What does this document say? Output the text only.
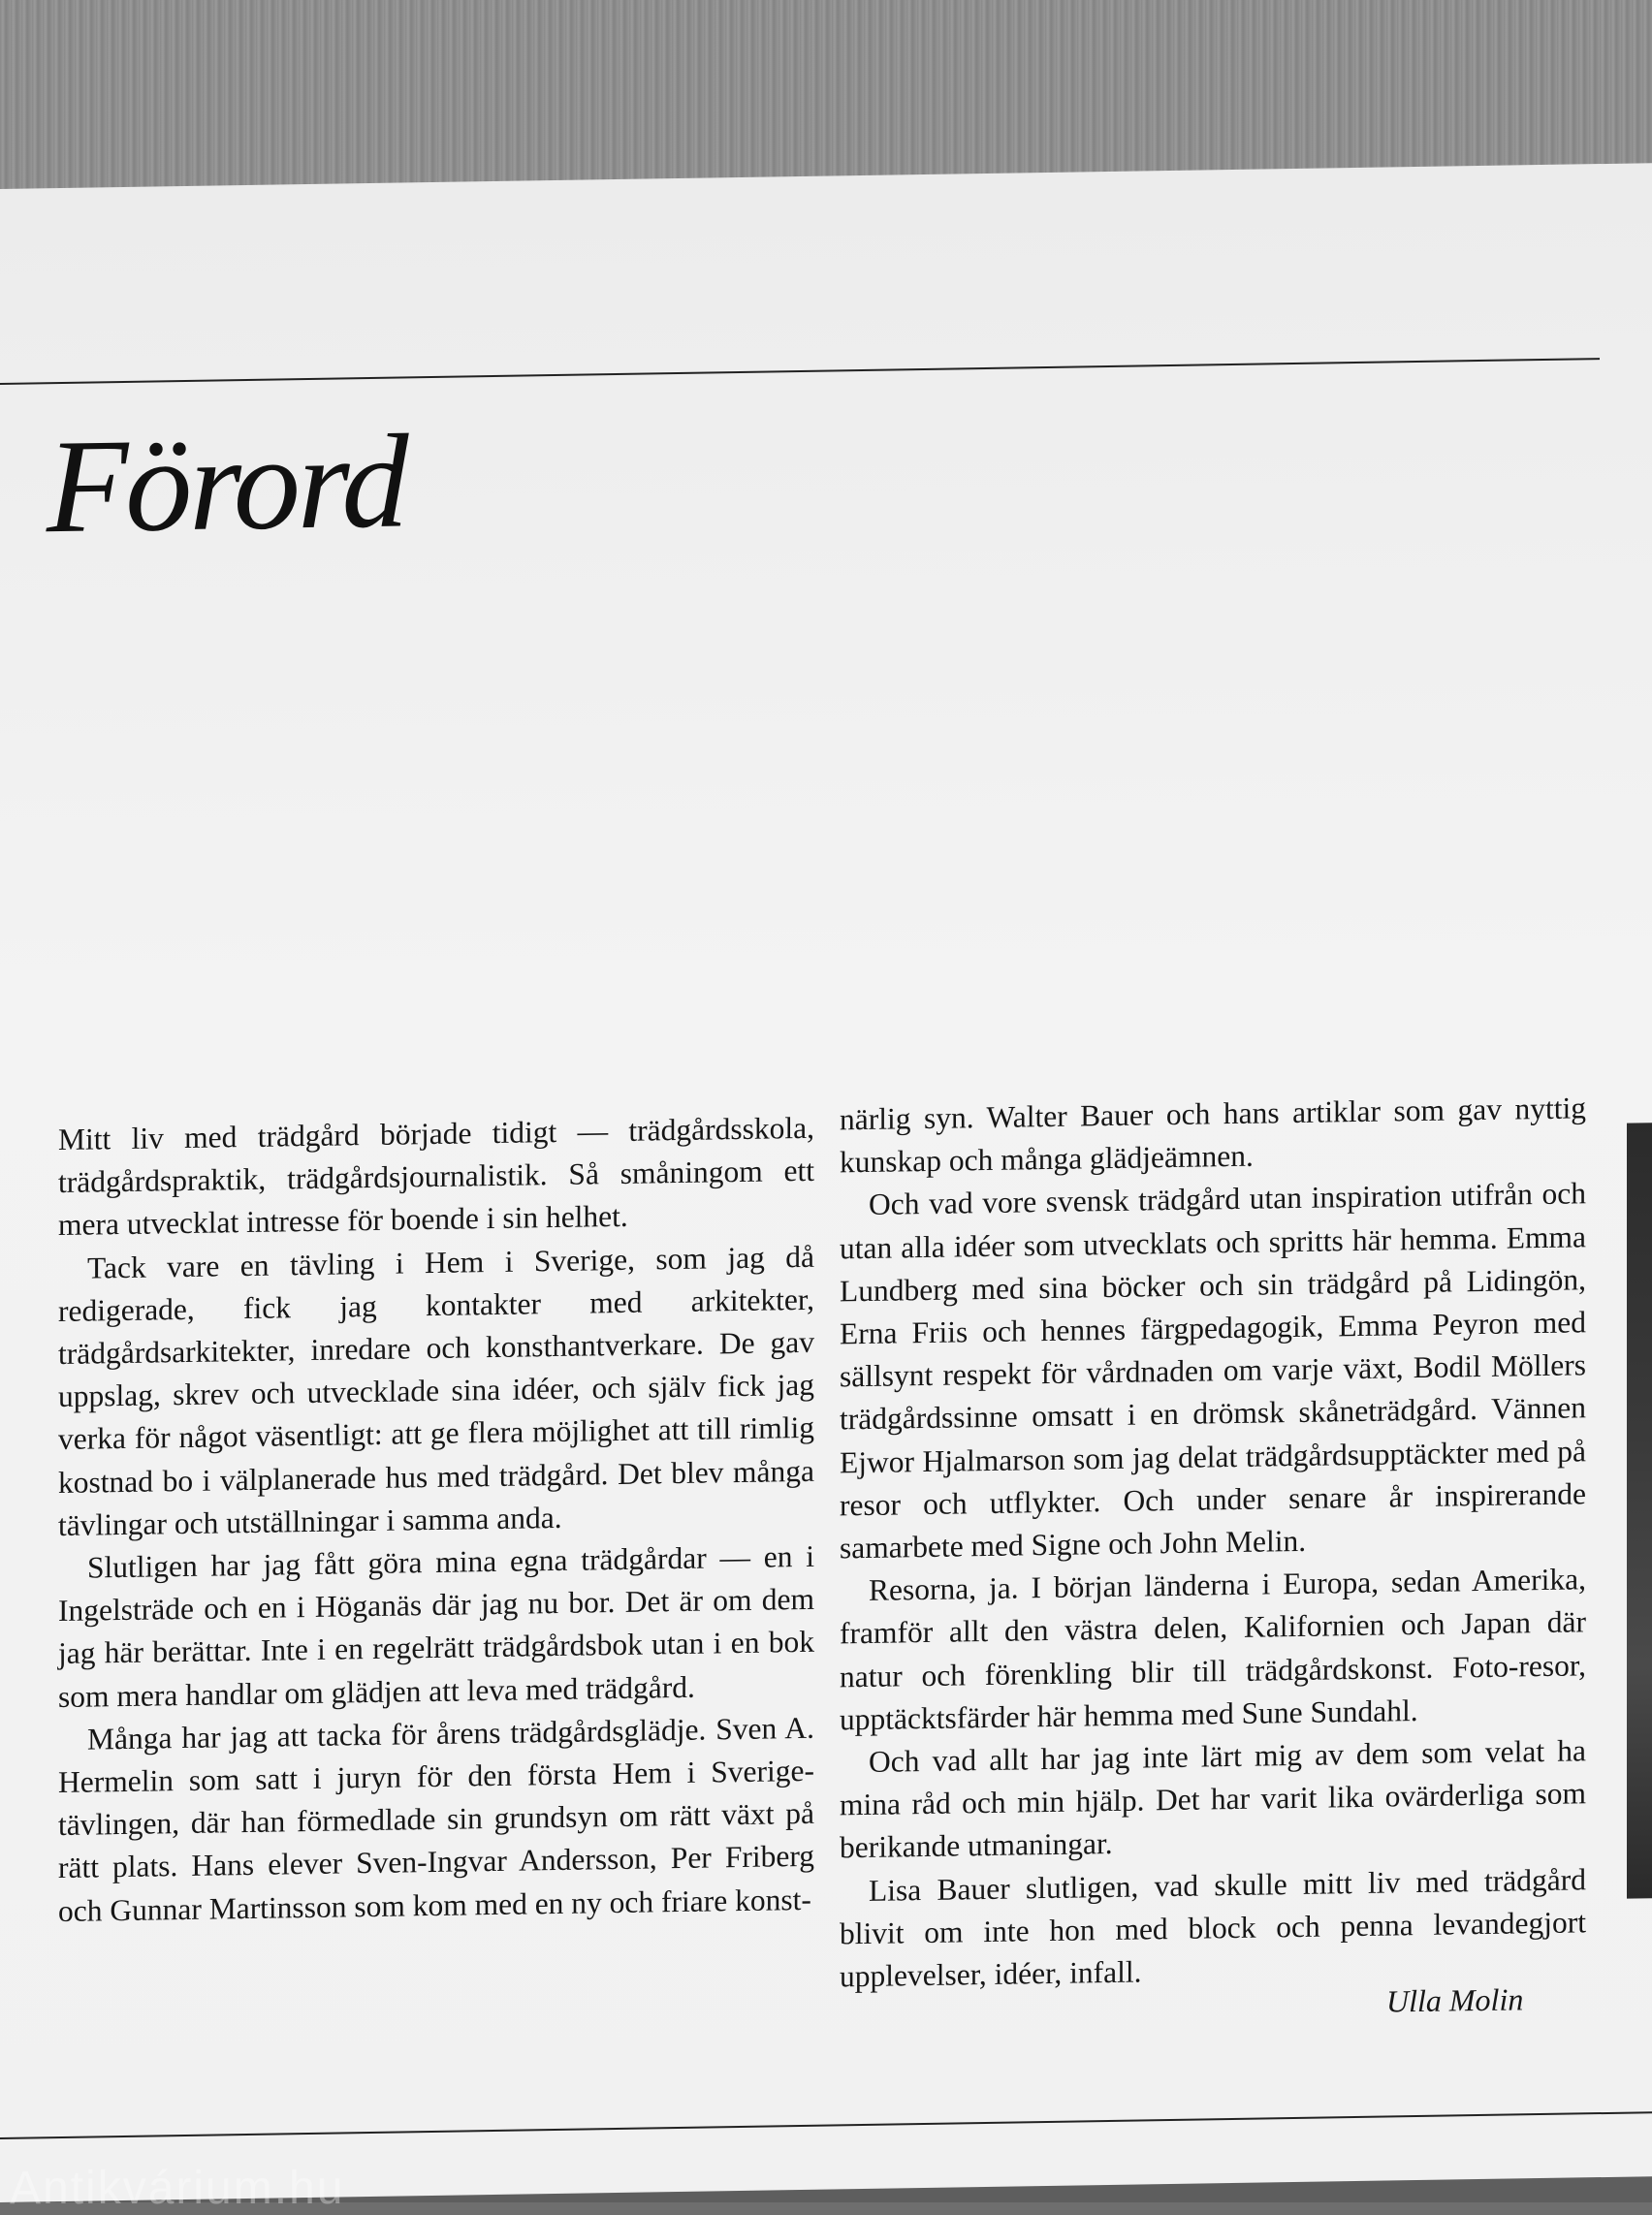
Förord

Mitt liv med trädgård började tidigt — trädgårdsskola, trädgårdspraktik, trädgårdsjournalistik. Så småningom ett mera utvecklat intresse för boende i sin helhet.

Tack vare en tävling i Hem i Sverige, som jag då redigerade, fick jag kontakter med arkitekter, trädgårdsarkitekter, inredare och konsthantverkare. De gav uppslag, skrev och utvecklade sina idéer, och själv fick jag verka för något väsentligt: att ge flera möjlighet att till rimlig kostnad bo i välplanerade hus med trädgård. Det blev många tävlingar och utställningar i samma anda.

Slutligen har jag fått göra mina egna trädgårdar — en i Ingelsträde och en i Höganäs där jag nu bor. Det är om dem jag här berättar. Inte i en regelrätt trädgårdsbok utan i en bok som mera handlar om glädjen att leva med trädgård.

Många har jag att tacka för årens trädgårdsglädje. Sven A. Hermelin som satt i juryn för den första Hem i Sverige-tävlingen, där han förmedlade sin grundsyn om rätt växt på rätt plats. Hans elever Sven-Ingvar Andersson, Per Friberg och Gunnar Martinsson som kom med en ny och friare konst-

närlig syn. Walter Bauer och hans artiklar som gav nyttig kunskap och många glädjeämnen.

Och vad vore svensk trädgård utan inspiration utifrån och utan alla idéer som utvecklats och spritts här hemma. Emma Lundberg med sina böcker och sin trädgård på Lidingön, Erna Friis och hennes färgpedagogik, Emma Peyron med sällsynt respekt för vårdnaden om varje växt, Bodil Möllers trädgårdssinne omsatt i en drömsk skåneträdgård. Vännen Ejwor Hjalmarson som jag delat trädgårdsupptäckter med på resor och utflykter. Och under senare år inspirerande samarbete med Signe och John Melin.

Resorna, ja. I början länderna i Europa, sedan Amerika, framför allt den västra delen, Kalifornien och Japan där natur och förenkling blir till trädgårdskonst. Foto-resor, upptäcktsfärder här hemma med Sune Sundahl.

Och vad allt har jag inte lärt mig av dem som velat ha mina råd och min hjälp. Det har varit lika ovärderliga som berikande utmaningar.

Lisa Bauer slutligen, vad skulle mitt liv med trädgård blivit om inte hon med block och penna levandegjort upplevelser, idéer, infall.

Ulla Molin
Antikvárium.hu
